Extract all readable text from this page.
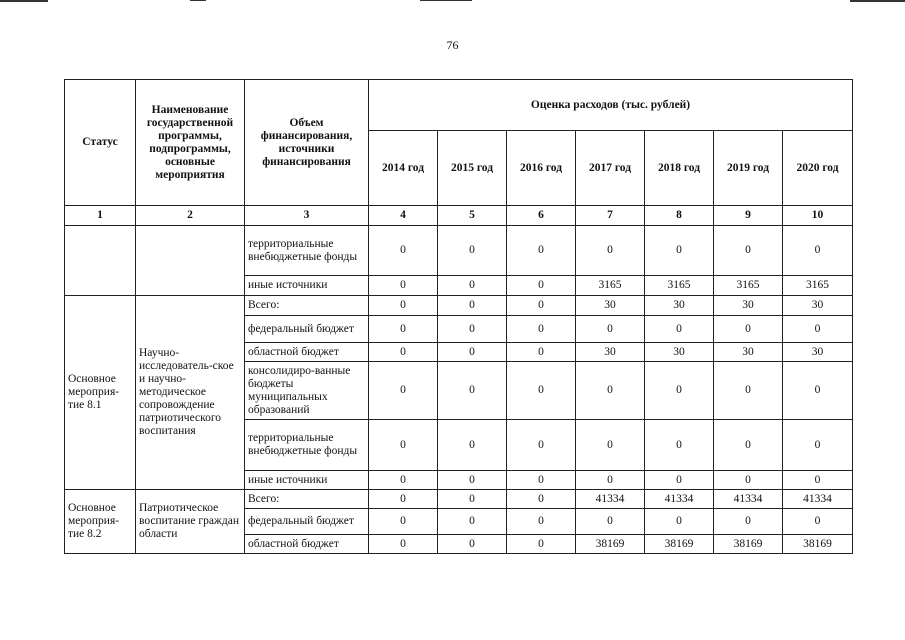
76
Статус	Наименование государственной программы, подпрограммы, основные мероприятия	Объем финансирования, источники финансирования	Оценка расходов (тыс. рублей)						
			2014 год	2015 год	2016 год	2017 год	2018 год	2019 год	2020 год
1	2	3	4	5	6	7	8	9	10
		территориальные внебюджетные фонды	0	0	0	0	0	0	0
		иные источники	0	0	0	3165	3165	3165	3165
Основное мероприя-тие 8.1	Научно-исследователь-ское и научно-методическое сопровождение патриотического воспитания	Всего:	0	0	0	30	30	30	30
		федеральный бюджет	0	0	0	0	0	0	0
		областной бюджет	0	0	0	30	30	30	30
		консолидиро-ванные бюджеты муниципальных образований	0	0	0	0	0	0	0
		территориальные внебюджетные фонды	0	0	0	0	0	0	0
		иные источники	0	0	0	0	0	0	0
Основное мероприя-тие 8.2	Патриотическое воспитание граждан области	Всего:	0	0	0	41334	41334	41334	41334
		федеральный бюджет	0	0	0	0	0	0	0
		областной бюджет	0	0	0	38169	38169	38169	38169
